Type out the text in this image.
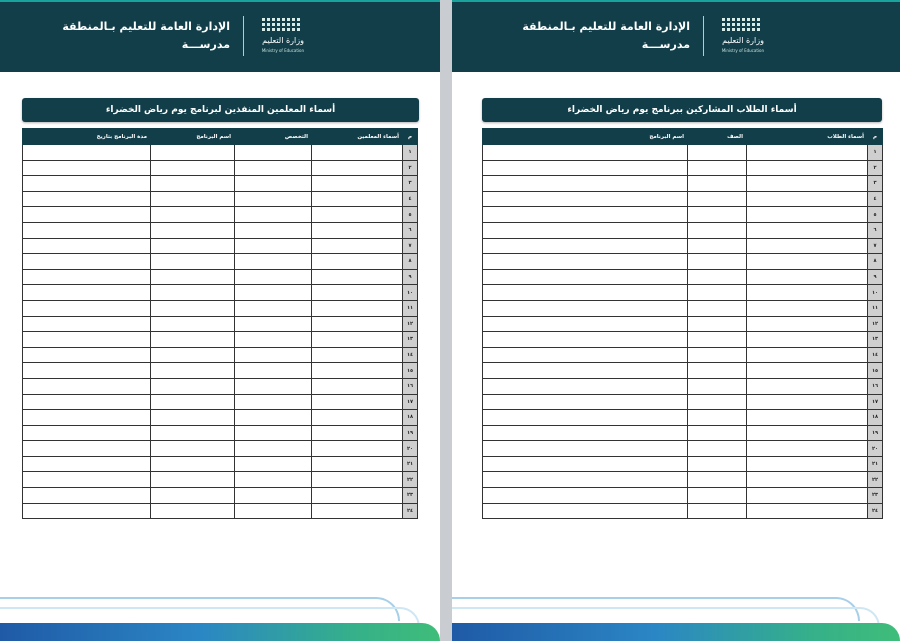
الإدارة العامة للتعليم بـالمنطقة
مدرســـة	وزارة التعليم
Ministry of Education
أسماء المعلمين المنفذين لبرنامج يوم رياض الخضراء
م	أسماء المعلمين	التخصص	اسم البرنامج	مدة البرنامج بتاريخ
١				
٢				
٣				
٤				
٥				
٦				
٧				
٨				
٩				
١٠				
١١				
١٢				
١٣				
١٤				
١٥				
١٦				
١٧				
١٨				
١٩				
٢٠				
٢١				
٢٢				
٢٣				
٢٤				
الإدارة العامة للتعليم بـالمنطقة
مدرســـة	وزارة التعليم
Ministry of Education
أسماء الطلاب المشاركين ببرنامج يوم رياض الخضراء
م	أسماء الطلاب	الصف	اسم البرنامج
١			
٢			
٣			
٤			
٥			
٦			
٧			
٨			
٩			
١٠			
١١			
١٢			
١٣			
١٤			
١٥			
١٦			
١٧			
١٨			
١٩			
٢٠			
٢١			
٢٢			
٢٣			
٢٤			
